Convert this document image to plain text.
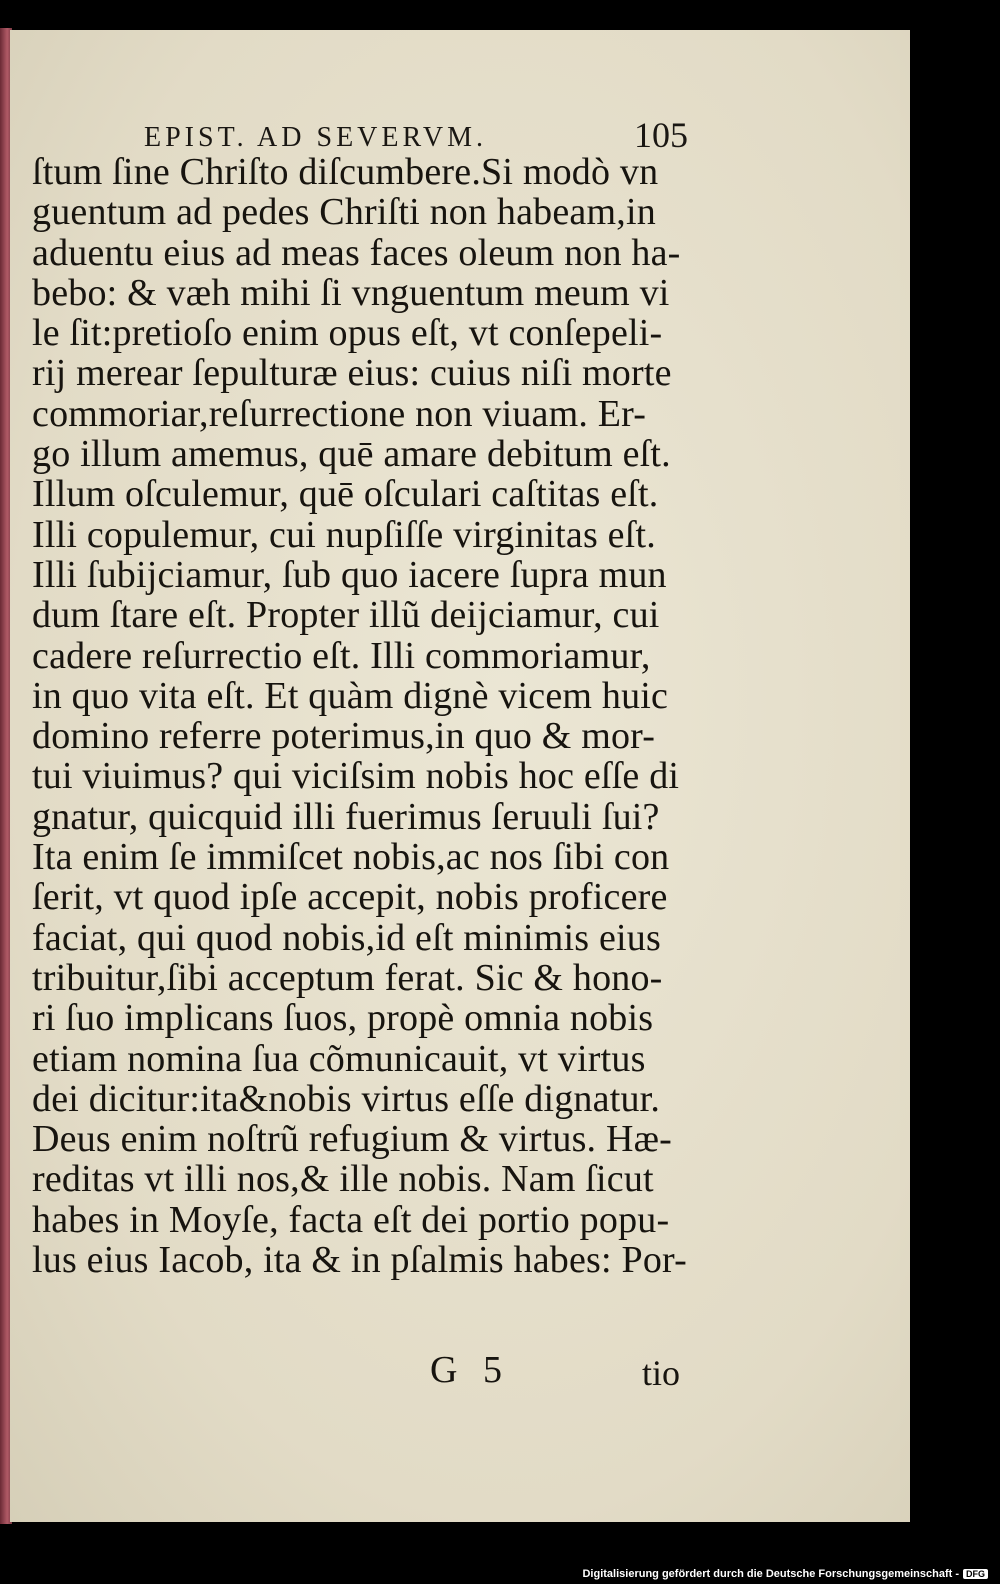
EPIST. AD SEVERVM.	105
ſtum ſine Chriſto diſcumbere.Si modò vn
guentum ad pedes Chriſti non habeam,in
aduentu eius ad meas faces oleum non ha-
bebo: & væh mihi ſi vnguentum meum vi
le ſit:pretioſo enim opus eſt, vt conſepeli-
rij merear ſepulturæ eius: cuius niſi morte
commoriar,reſurrectione non viuam. Er-
go illum amemus, quē amare debitum eſt.
Illum oſculemur, quē oſculari caſtitas eſt.
Illi copulemur, cui nupſiſſe virginitas eſt.
Illi ſubijciamur, ſub quo iacere ſupra mun
dum ſtare eſt. Propter illũ deijciamur, cui
cadere reſurrectio eſt. Illi commoriamur,
in quo vita eſt. Et quàm dignè vicem huic
domino referre poterimus,in quo & mor-
tui viuimus? qui viciſsim nobis hoc eſſe di
gnatur, quicquid illi fuerimus ſeruuli ſui?
Ita enim ſe immiſcet nobis,ac nos ſibi con
ſerit, vt quod ipſe accepit, nobis proficere
faciat, qui quod nobis,id eſt minimis eius
tribuitur,ſibi acceptum ferat. Sic & hono-
ri ſuo implicans ſuos, propè omnia nobis
etiam nomina ſua cõmunicauit, vt virtus
dei dicitur:ita&nobis virtus eſſe dignatur.
Deus enim noſtrũ refugium & virtus. Hæ-
reditas vt illi nos,& ille nobis. Nam ſicut
habes in Moyſe, facta eſt dei portio popu-
lus eius Iacob, ita & in pſalmis habes: Por-
G 5	tio
Digitalisierung gefördert durch die Deutsche Forschungsgemeinschaft - DFG
